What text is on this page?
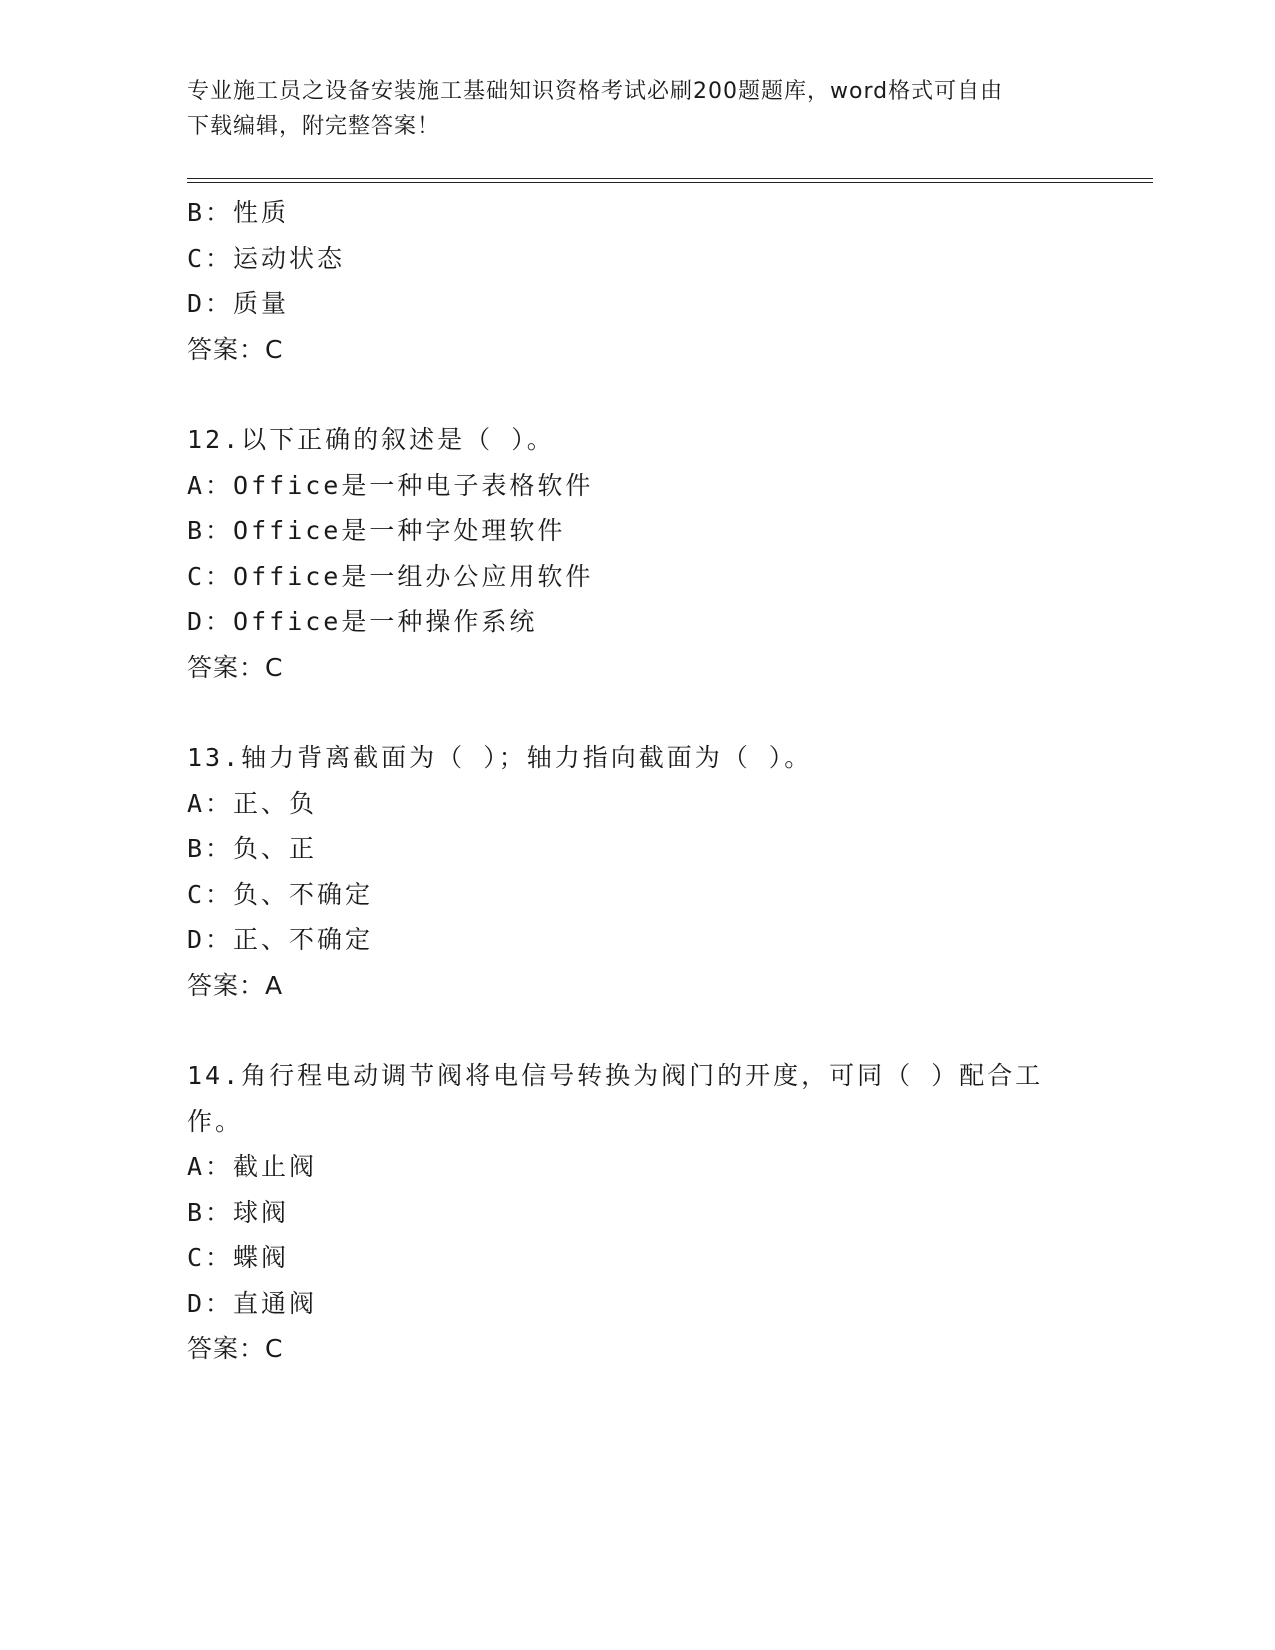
专业施工员之设备安装施工基础知识资格考试必刷200题题库，word格式可自由
下载编辑，附完整答案！
B：性质
C：运动状态
D：质量
答案：C
12.以下正确的叙述是（ ）。
A：Office是一种电子表格软件
B：Office是一种字处理软件
C：Office是一组办公应用软件
D：Office是一种操作系统
答案：C
13.轴力背离截面为（ ）；轴力指向截面为（ ）。
A：正、负
B：负、正
C：负、不确定
D：正、不确定
答案：A
14.角行程电动调节阀将电信号转换为阀门的开度，可同（ ）配合工作。
A：截止阀
B：球阀
C：蝶阀
D：直通阀
答案：C
